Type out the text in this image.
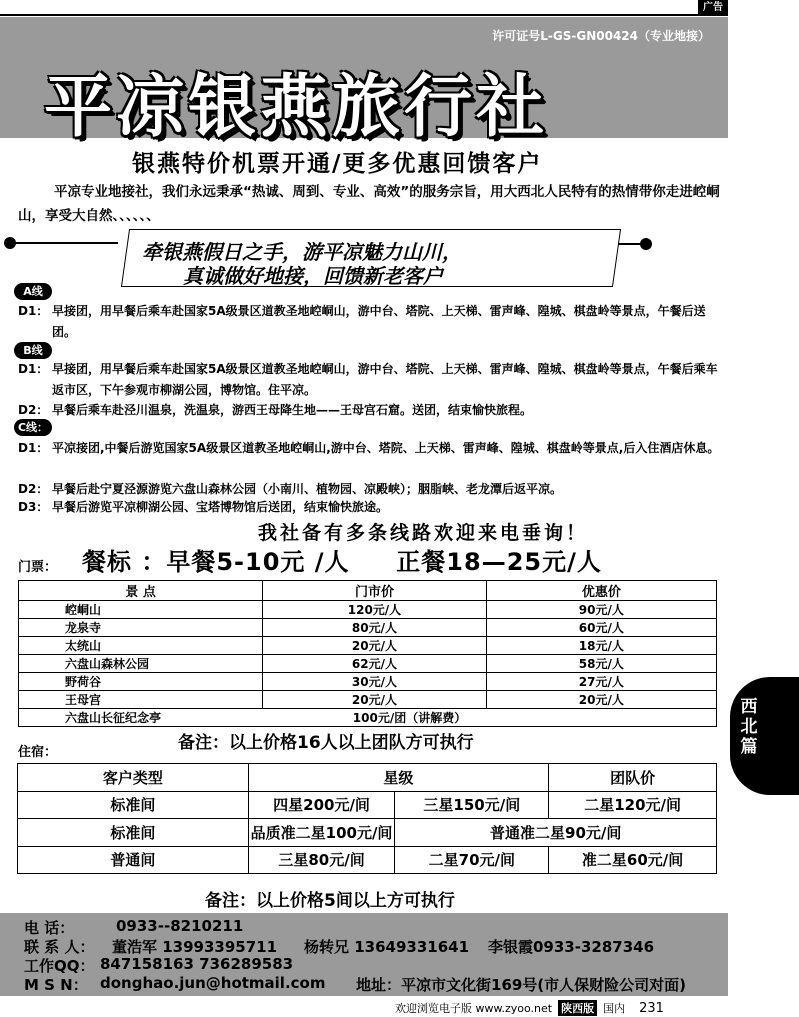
广告
许可证号L-GS-GN00424（专业地接）
平凉银燕旅行社
银燕特价机票开通/更多优惠回馈客户
平凉专业地接社，我们永远秉承“热诚、周到、专业、高效”的服务宗旨，用大西北人民特有的热情带你走进崆峒山，享受大自然、、、、、、
牵银燕假日之手，游平凉魅力山川，
真诚做好地接，回馈新老客户
A线
D1： 早接团，用早餐后乘车赴国家5A级景区道教圣地崆峒山，游中台、塔院、上天梯、雷声峰、隍城、棋盘岭等景点，午餐后送团。
B线
D1： 早接团，用早餐后乘车赴国家5A级景区道教圣地崆峒山，游中台、塔院、上天梯、雷声峰、隍城、棋盘岭等景点，午餐后乘车返市区，下午参观市柳湖公园，博物馆。住平凉。
D2： 早餐后乘车赴泾川温泉，洗温泉，游西王母降生地——王母宫石窟。送团，结束愉快旅程。
C线：
D1： 平凉接团,中餐后游览国家5A级景区道教圣地崆峒山,游中台、塔院、上天梯、雷声峰、隍城、棋盘岭等景点,后入住酒店休息。
D2： 早餐后赴宁夏泾源游览六盘山森林公园（小南川、植物园、凉殿峡）；胭脂峡、老龙潭后返平凉。
D3： 早餐后游览平凉柳湖公园、宝塔博物馆后送团，结束愉快旅途。
我社备有多条线路欢迎来电垂询！
门票： 餐标 ：早餐5-10元 /人     正餐18—25元/人
景 点	门市价	优惠价
崆峒山	120元/人	90元/人
龙泉寺	80元/人	60元/人
太统山	20元/人	18元/人
六盘山森林公园	62元/人	58元/人
野荷谷	30元/人	27元/人
王母宫	20元/人	20元/人
六盘山长征纪念亭	100元/团（讲解费）	
备注：以上价格16人以上团队方可执行
住宿：
客户类型	星级		团队价
标准间	四星200元/间	三星150元/间	二星120元/间
标准间	品质准二星100元/间	普通准二星90元/间	
普通间	三星80元/间	二星70元/间	准二星60元/间
备注：以上价格5间以上方可执行
电 话：	0933--8210211
联 系 人： 董浩军 13993395711 杨转兄 13649331641 李银霞0933-3287346
工作QQ： 847158163 736289583
M S N： donghao.jun@hotmail.com 地址：平凉市文化街169号(市人保财险公司对面)
西北篇
欢迎浏览电子版 www.zyoo.net 陕西版 国内 231
